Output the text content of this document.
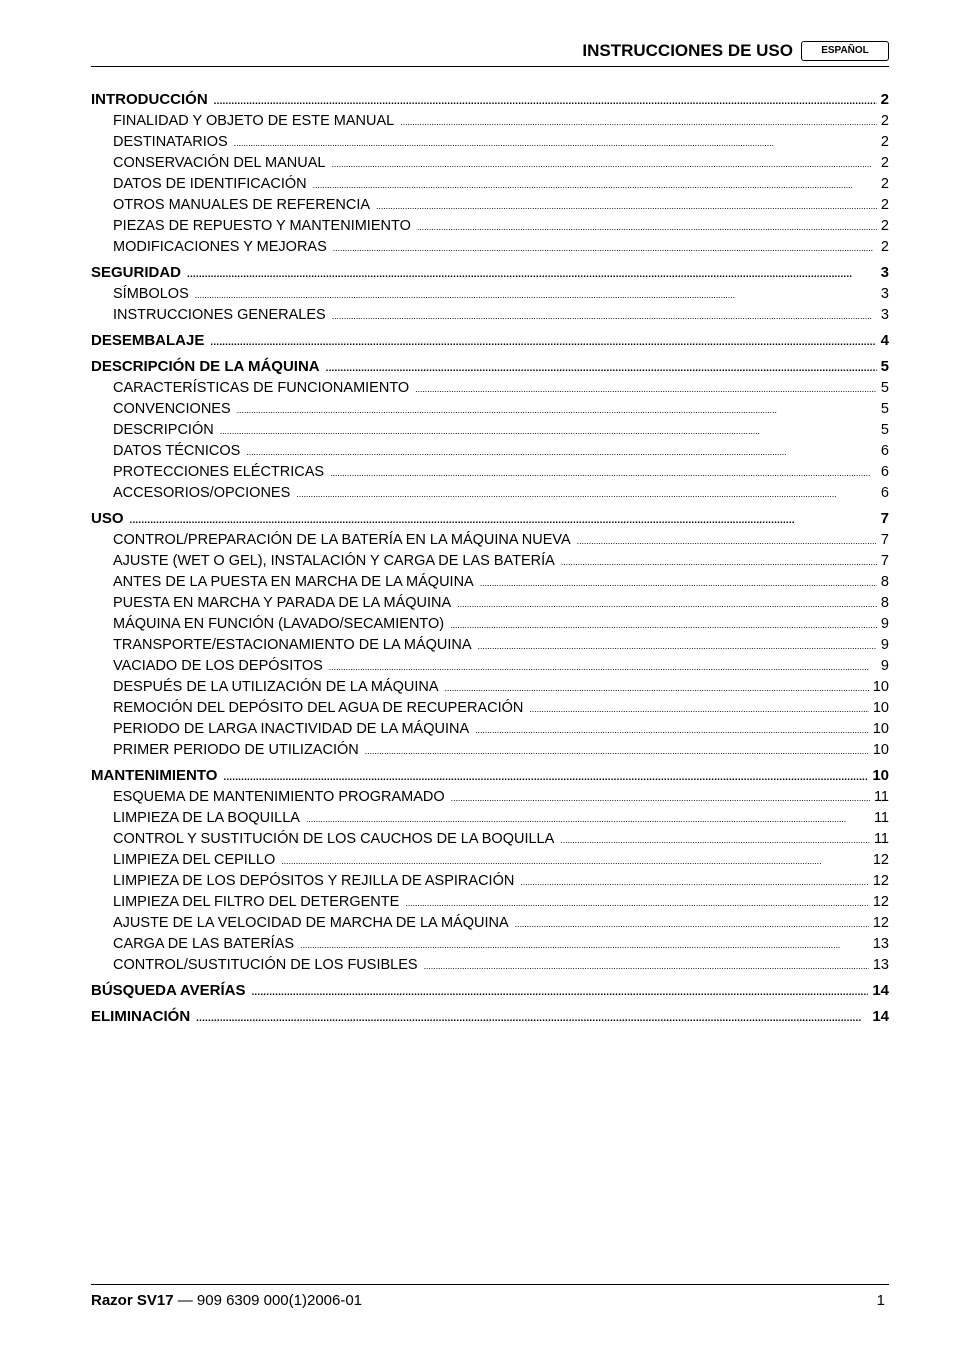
INSTRUCCIONES DE USO	ESPAÑOL
INTRODUCCIÓN . . .	2
FINALIDAD Y OBJETO DE ESTE MANUAL . . .	2
DESTINATARIOS . . .	2
CONSERVACIÓN DEL MANUAL . . .	2
DATOS DE IDENTIFICACIÓN . . .	2
OTROS MANUALES DE REFERENCIA . . .	2
PIEZAS DE REPUESTO Y MANTENIMIENTO . . .	2
MODIFICACIONES Y MEJORAS . . .	2
SEGURIDAD . . .	3
SÍMBOLOS . . .	3
INSTRUCCIONES GENERALES . . .	3
DESEMBALAJE . . .	4
DESCRIPCIÓN DE LA MÁQUINA . . .	5
CARACTERÍSTICAS DE FUNCIONAMIENTO . . .	5
CONVENCIONES . . .	5
DESCRIPCIÓN . . .	5
DATOS TÉCNICOS . . .	6
PROTECCIONES ELÉCTRICAS . . .	6
ACCESORIOS/OPCIONES . . .	6
USO . . .	7
CONTROL/PREPARACIÓN DE LA BATERÍA EN LA MÁQUINA NUEVA . . .	7
AJUSTE (WET O GEL), INSTALACIÓN Y CARGA DE LAS BATERÍA . . .	7
ANTES DE LA PUESTA EN MARCHA DE LA MÁQUINA . . .	8
PUESTA EN MARCHA Y PARADA DE LA MÁQUINA . . .	8
MÁQUINA EN FUNCIÓN (LAVADO/SECAMIENTO) . . .	9
TRANSPORTE/ESTACIONAMIENTO DE LA MÁQUINA . . .	9
VACIADO DE LOS DEPÓSITOS . . .	9
DESPUÉS DE LA UTILIZACIÓN DE LA MÁQUINA . . .	10
REMOCIÓN DEL DEPÓSITO DEL AGUA DE RECUPERACIÓN . . .	10
PERIODO DE LARGA INACTIVIDAD DE LA MÁQUINA . . .	10
PRIMER PERIODO DE UTILIZACIÓN . . .	10
MANTENIMIENTO . . .	10
ESQUEMA DE MANTENIMIENTO PROGRAMADO . . .	11
LIMPIEZA DE LA BOQUILLA . . .	11
CONTROL Y SUSTITUCIÓN DE LOS CAUCHOS DE LA BOQUILLA . . .	11
LIMPIEZA DEL CEPILLO . . .	12
LIMPIEZA DE LOS DEPÓSITOS Y REJILLA DE ASPIRACIÓN . . .	12
LIMPIEZA DEL FILTRO DEL DETERGENTE . . .	12
AJUSTE DE LA VELOCIDAD DE MARCHA DE LA MÁQUINA . . .	12
CARGA DE LAS BATERÍAS . . .	13
CONTROL/SUSTITUCIÓN DE LOS FUSIBLES . . .	13
BÚSQUEDA AVERÍAS . . .	14
ELIMINACIÓN . . .	14
Razor SV17 — 909 6309 000(1)2006-01	1
